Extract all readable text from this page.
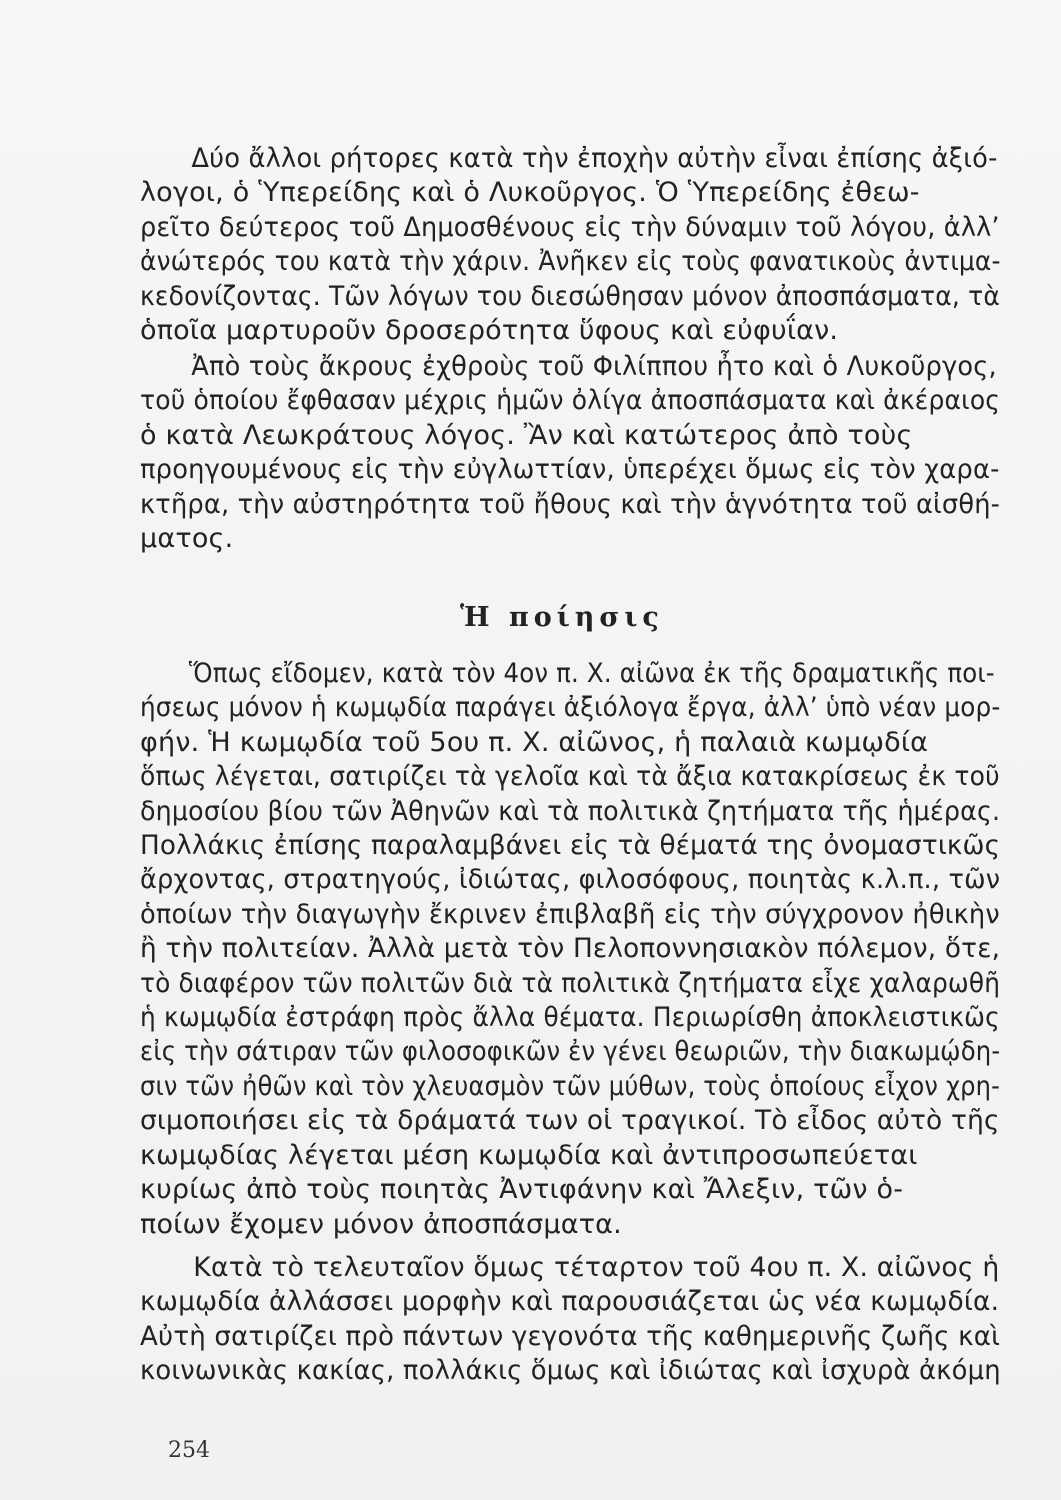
Δύο ἄλλοι ρήτορες κατὰ τὴν ἐποχὴν αὐτὴν εἶναι ἐπίσης ἀξιό-
λογοι, ὁ Ὑπερείδης καὶ ὁ Λυκοῦργος. Ὁ Ὑπερείδης ἐθεω-
ρεῖτο δεύτερος τοῦ Δημοσθένους εἰς τὴν δύναμιν τοῦ λόγου, ἀλλ’
ἀνώτερός του κατὰ τὴν χάριν. Ἀνῆκεν εἰς τοὺς φανατικοὺς ἀντιμα-
κεδονίζοντας. Τῶν λόγων του διεσώθησαν μόνον ἀποσπάσματα, τὰ
ὁποῖα μαρτυροῦν δροσερότητα ὕφους καὶ εὐφυΐαν.
Ἀπὸ τοὺς ἄκρους ἐχθροὺς τοῦ Φιλίππου ἦτο καὶ ὁ Λυκοῦργος,
τοῦ ὁποίου ἔφθασαν μέχρις ἡμῶν ὀλίγα ἀποσπάσματα καὶ ἀκέραιος
ὁ κατὰ Λεωκράτους λόγος. Ἂν καὶ κατώτερος ἀπὸ τοὺς
προηγουμένους εἰς τὴν εὐγλωττίαν, ὑπερέχει ὅμως εἰς τὸν χαρα-
κτῆρα, τὴν αὐστηρότητα τοῦ ἤθους καὶ τὴν ἁγνότητα τοῦ αἰσθή-
ματος.
Ἡ ποίησις
Ὅπως εἴδομεν, κατὰ τὸν 4ον π. Χ. αἰῶνα ἐκ τῆς δραματικῆς ποι-
ήσεως μόνον ἡ κωμῳδία παράγει ἀξιόλογα ἔργα, ἀλλ’ ὑπὸ νέαν μορ-
φήν. Ἡ κωμῳδία τοῦ 5ου π. Χ. αἰῶνος, ἡ παλαιὰ κωμῳδία
ὅπως λέγεται, σατιρίζει τὰ γελοῖα καὶ τὰ ἄξια κατακρίσεως ἐκ τοῦ
δημοσίου βίου τῶν Ἀθηνῶν καὶ τὰ πολιτικὰ ζητήματα τῆς ἡμέρας.
Πολλάκις ἐπίσης παραλαμβάνει εἰς τὰ θέματά της ὀνομαστικῶς
ἄρχοντας, στρατηγούς, ἰδιώτας, φιλοσόφους, ποιητὰς κ.λ.π., τῶν
ὁποίων τὴν διαγωγὴν ἔκρινεν ἐπιβλαβῆ εἰς τὴν σύγχρονον ἠθικὴν
ἢ τὴν πολιτείαν. Ἀλλὰ μετὰ τὸν Πελοποννησιακὸν πόλεμον, ὅτε,
τὸ διαφέρον τῶν πολιτῶν διὰ τὰ πολιτικὰ ζητήματα εἶχε χαλαρωθῆ
ἡ κωμῳδία ἐστράφη πρὸς ἄλλα θέματα. Περιωρίσθη ἀποκλειστικῶς
εἰς τὴν σάτιραν τῶν φιλοσοφικῶν ἐν γένει θεωριῶν, τὴν διακωμῴδη-
σιν τῶν ἠθῶν καὶ τὸν χλευασμὸν τῶν μύθων, τοὺς ὁποίους εἶχον χρη-
σιμοποιήσει εἰς τὰ δράματά των οἱ τραγικοί. Τὸ εἶδος αὐτὸ τῆς
κωμῳδίας λέγεται μέση κωμῳδία καὶ ἀντιπροσωπεύεται
κυρίως ἀπὸ τοὺς ποιητὰς Ἀντιφάνην καὶ Ἄλεξιν, τῶν ὁ-
ποίων ἔχομεν μόνον ἀποσπάσματα.
Κατὰ τὸ τελευταῖον ὅμως τέταρτον τοῦ 4ου π. Χ. αἰῶνος ἡ
κωμῳδία ἀλλάσσει μορφὴν καὶ παρουσιάζεται ὡς νέα κωμῳδία.
Αὐτὴ σατιρίζει πρὸ πάντων γεγονότα τῆς καθημερινῆς ζωῆς καὶ
κοινωνικὰς κακίας, πολλάκις ὅμως καὶ ἰδιώτας καὶ ἰσχυρὰ ἀκόμη
254
